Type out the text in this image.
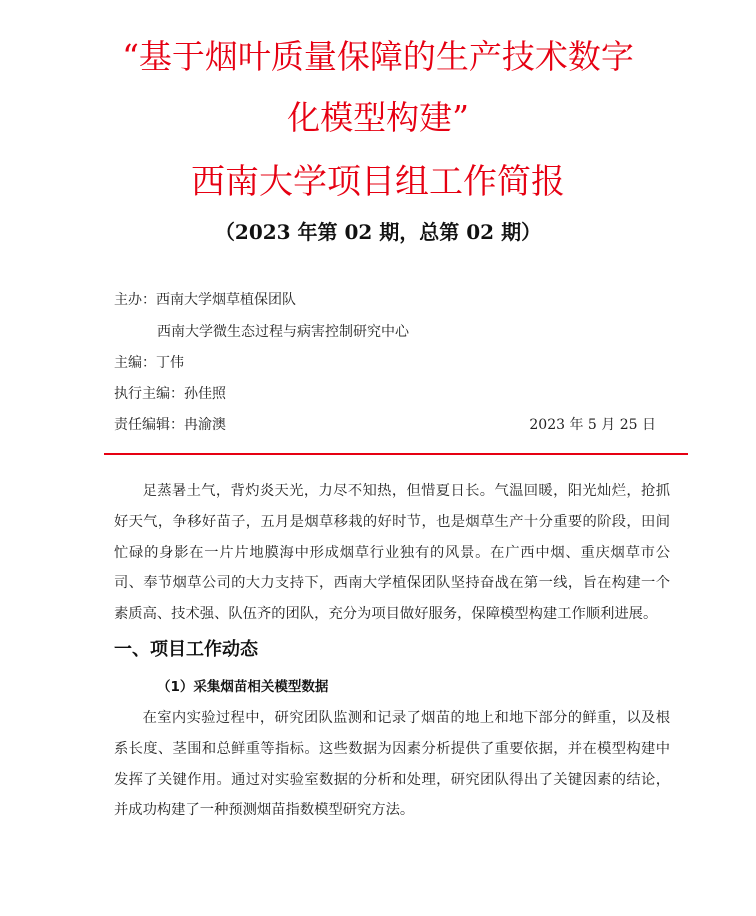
“基于烟叶质量保障的生产技术数字
化模型构建”
西南大学项目组工作简报
（2023 年第 02 期，总第 02 期）
主办：西南大学烟草植保团队
西南大学微生态过程与病害控制研究中心
主编：丁伟
执行主编：孙佳照
责任编辑：冉渝澳	2023 年 5 月 25 日

足蒸暑土气，背灼炎天光，力尽不知热，但惜夏日长。气温回暖，阳光灿烂，抢抓好天气，争移好苗子，五月是烟草移栽的好时节，也是烟草生产十分重要的阶段，田间忙碌的身影在一片片地膜海中形成烟草行业独有的风景。在广西中烟、重庆烟草市公司、奉节烟草公司的大力支持下，西南大学植保团队坚持奋战在第一线，旨在构建一个素质高、技术强、队伍齐的团队，充分为项目做好服务，保障模型构建工作顺利进展。

一、项目工作动态
（1）采集烟苗相关模型数据

在室内实验过程中，研究团队监测和记录了烟苗的地上和地下部分的鲜重，以及根系长度、茎围和总鲜重等指标。这些数据为因素分析提供了重要依据，并在模型构建中发挥了关键作用。通过对实验室数据的分析和处理，研究团队得出了关键因素的结论，并成功构建了一种预测烟苗指数模型研究方法。
